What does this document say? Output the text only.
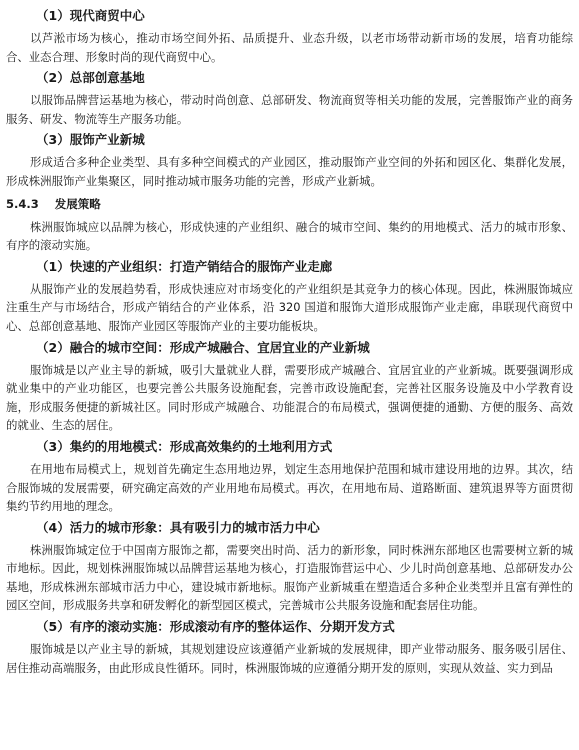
（1）现代商贸中心

以芦淞市场为核心，推动市场空间外拓、品质提升、业态升级，以老市场带动新市场的发展，培育功能综合、业态合理、形象时尚的现代商贸中心。

（2）总部创意基地

以服饰品牌营运基地为核心，带动时尚创意、总部研发、物流商贸等相关功能的发展，完善服饰产业的商务服务、研发、物流等生产服务功能。

（3）服饰产业新城

形成适合多种企业类型、具有多种空间模式的产业园区，推动服饰产业空间的外拓和园区化、集群化发展，形成株洲服饰产业集聚区，同时推动城市服务功能的完善，形成产业新城。

5.4.3 发展策略

株洲服饰城应以品牌为核心，形成快速的产业组织、融合的城市空间、集约的用地模式、活力的城市形象、有序的滚动实施。

（1）快速的产业组织：打造产销结合的服饰产业走廊

从服饰产业的发展趋势看，形成快速应对市场变化的产业组织是其竞争力的核心体现。因此，株洲服饰城应注重生产与市场结合，形成产销结合的产业体系，沿 320 国道和服饰大道形成服饰产业走廊，串联现代商贸中心、总部创意基地、服饰产业园区等服饰产业的主要功能板块。

（2）融合的城市空间：形成产城融合、宜居宜业的产业新城

服饰城是以产业主导的新城，吸引大量就业人群，需要形成产城融合、宜居宜业的产业新城。既要强调形成就业集中的产业功能区，也要完善公共服务设施配套，完善市政设施配套，完善社区服务设施及中小学教育设施，形成服务便捷的新城社区。同时形成产城融合、功能混合的布局模式，强调便捷的通勤、方便的服务、高效的就业、生态的居住。

（3）集约的用地模式：形成高效集约的土地利用方式

在用地布局模式上，规划首先确定生态用地边界，划定生态用地保护范围和城市建设用地的边界。其次，结合服饰城的发展需要，研究确定高效的产业用地布局模式。再次，在用地布局、道路断面、建筑退界等方面贯彻集约节约用地的理念。

（4）活力的城市形象：具有吸引力的城市活力中心

株洲服饰城定位于中国南方服饰之都，需要突出时尚、活力的新形象，同时株洲东部地区也需要树立新的城市地标。因此，规划株洲服饰城以品牌营运基地为核心，打造服饰营运中心、少儿时尚创意基地、总部研发办公基地，形成株洲东部城市活力中心，建设城市新地标。服饰产业新城重在塑造适合多种企业类型并且富有弹性的园区空间，形成服务共享和研发孵化的新型园区模式，完善城市公共服务设施和配套居住功能。

（5）有序的滚动实施：形成滚动有序的整体运作、分期开发方式

服饰城是以产业主导的新城，其规划建设应该遵循产业新城的发展规律，即产业带动服务、服务吸引居住、居住推动高端服务，由此形成良性循环。同时，株洲服饰城的应遵循分期开发的原则，实现从效益、实力到品
